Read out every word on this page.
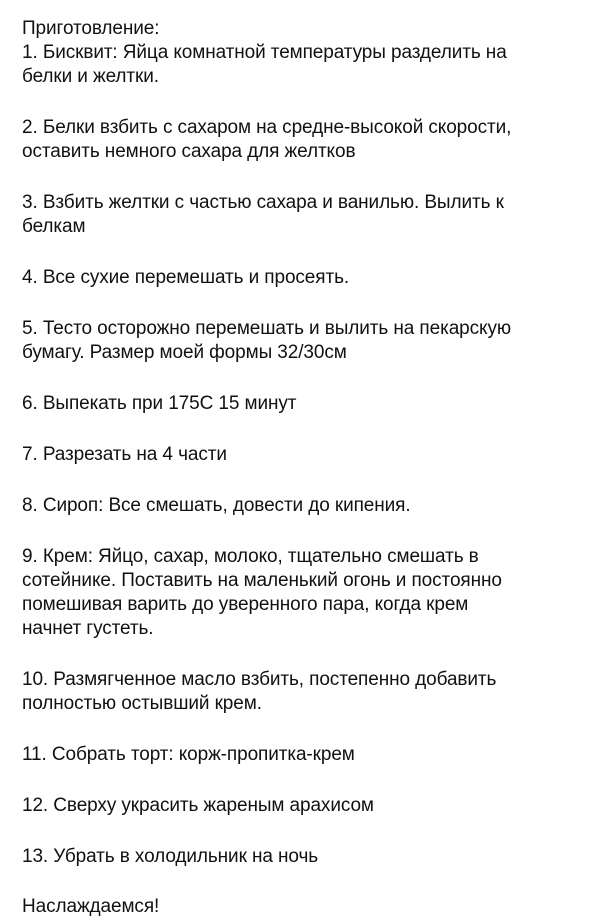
Приготовление:

1. Бисквит: Яйца комнатной температуры разделить на

белки и желтки.

2. Белки взбить с сахаром на средне-высокой скорости,

оставить немного сахара для желтков

3. Взбить желтки с частью сахара и ванилью. Вылить к

белкам

4. Все сухие перемешать и просеять.

5. Тесто осторожно перемешать и вылить на пекарскую

бумагу. Размер моей формы 32/30см

6. Выпекать при 175С 15 минут

7. Разрезать на 4 части

8. Сироп: Все смешать, довести до кипения.

9. Крем: Яйцо, сахар, молоко, тщательно смешать в

сотейнике. Поставить на маленький огонь и постоянно

помешивая варить до уверенного пара, когда крем

начнет густеть.

10. Размягченное масло взбить, постепенно добавить

полностью остывший крем.

11. Собрать торт: корж-пропитка-крем

12. Сверху украсить жареным арахисом

13. Убрать в холодильник на ночь

Наслаждаемся!
